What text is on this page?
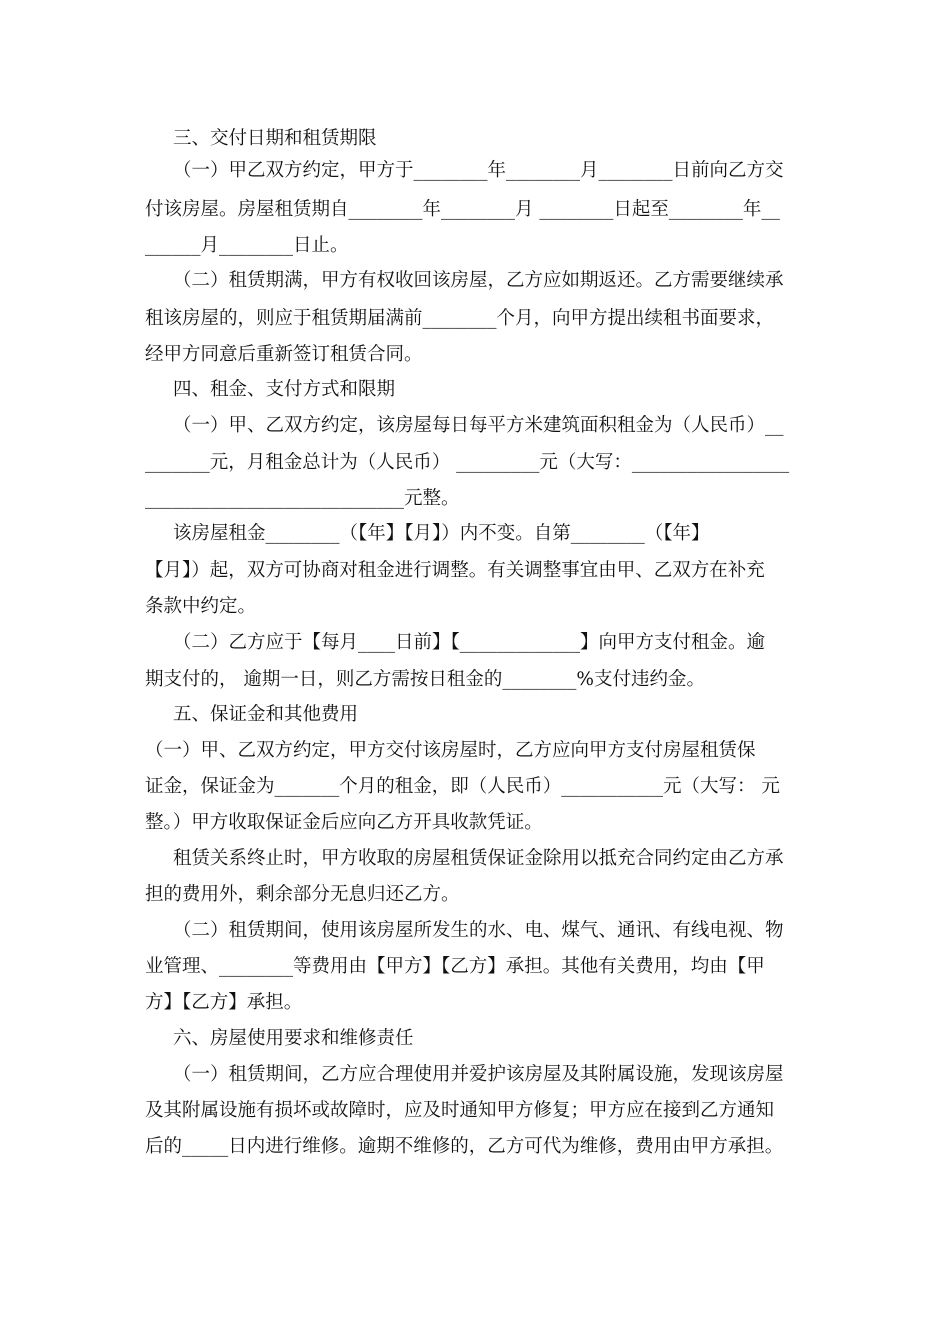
三、交付日期和租赁期限
（一）甲乙双方约定，甲方于________年________月________日前向乙方交
付该房屋。房屋租赁期自________年________月 ________日起至________年__
______月________日止。
（二）租赁期满，甲方有权收回该房屋，乙方应如期返还。乙方需要继续承
租该房屋的，则应于租赁期届满前________个月，向甲方提出续租书面要求，
经甲方同意后重新签订租赁合同。
四、租金、支付方式和限期
（一）甲、乙双方约定，该房屋每日每平方米建筑面积租金为（人民币）__
_______元，月租金总计为（人民币） _________元（大写：_________________
____________________________元整。
该房屋租金________（【年】【月】）内不变。自第________（【年】
【月】）起，双方可协商对租金进行调整。有关调整事宜由甲、乙双方在补充
条款中约定。
（二）乙方应于【每月____日前】【_____________】向甲方支付租金。逾
期支付的， 逾期一日，则乙方需按日租金的________%支付违约金。
五、保证金和其他费用
（一）甲、乙双方约定，甲方交付该房屋时，乙方应向甲方支付房屋租赁保
证金，保证金为_______个月的租金，即（人民币）___________元（大写： 元
整。）甲方收取保证金后应向乙方开具收款凭证。
租赁关系终止时，甲方收取的房屋租赁保证金除用以抵充合同约定由乙方承
担的费用外，剩余部分无息归还乙方。
（二）租赁期间，使用该房屋所发生的水、电、煤气、通讯、有线电视、物
业管理、________等费用由【甲方】【乙方】承担。其他有关费用，均由【甲
方】【乙方】承担。
六、房屋使用要求和维修责任
（一）租赁期间，乙方应合理使用并爱护该房屋及其附属设施，发现该房屋
及其附属设施有损坏或故障时，应及时通知甲方修复；甲方应在接到乙方通知
后的_____日内进行维修。逾期不维修的，乙方可代为维修，费用由甲方承担。
